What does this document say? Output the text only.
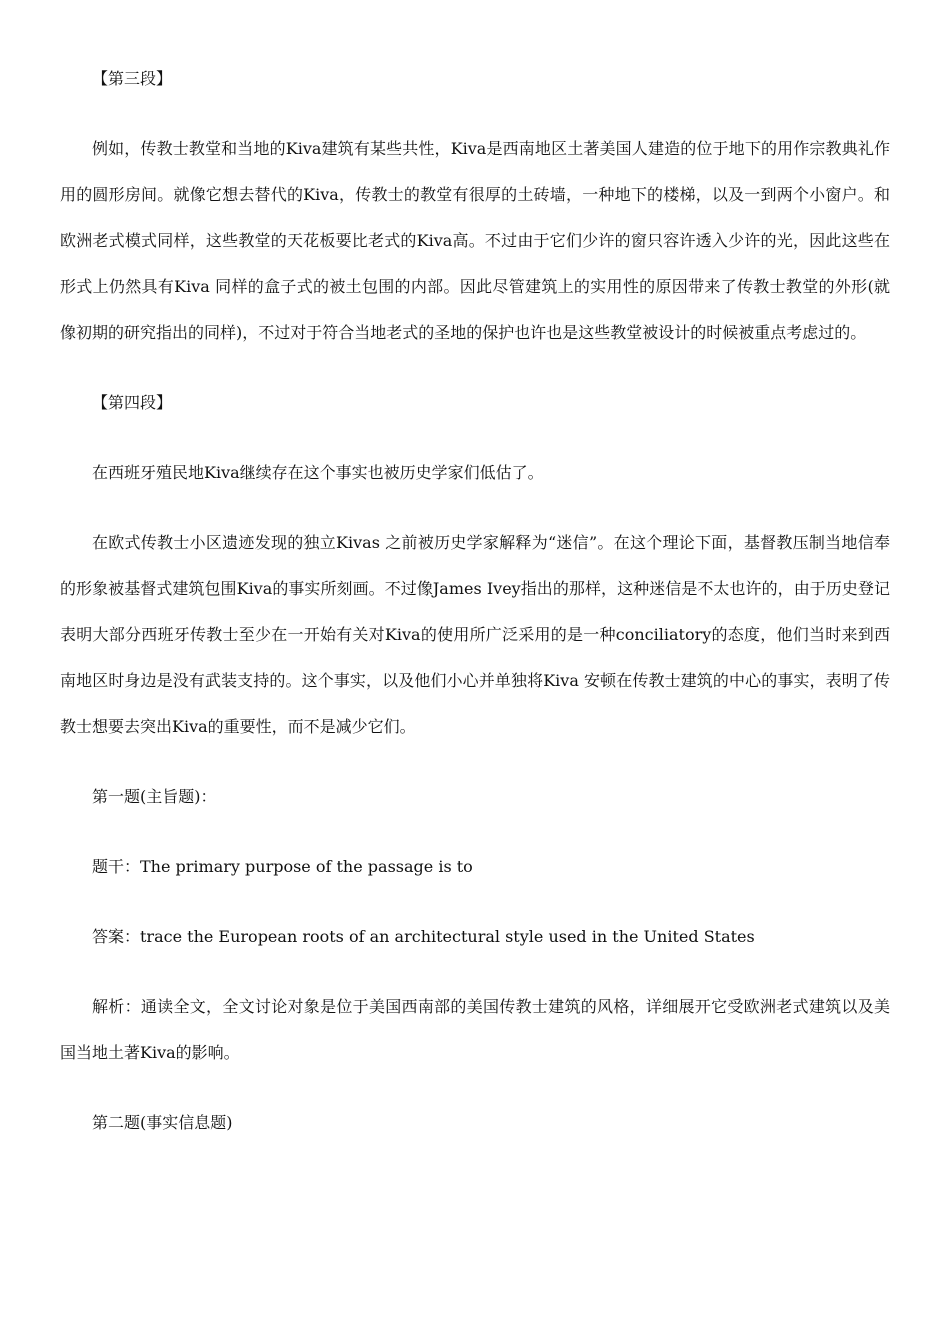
【第三段】

例如，传教士教堂和当地的Kiva建筑有某些共性，Kiva是西南地区土著美国人建造的位于地下的用作宗教典礼作用的圆形房间。就像它想去替代的Kiva，传教士的教堂有很厚的土砖墙，一种地下的楼梯，以及一到两个小窗户。和欧洲老式模式同样，这些教堂的天花板要比老式的Kiva高。不过由于它们少许的窗只容许透入少许的光，因此这些在形式上仍然具有Kiva 同样的盒子式的被土包围的内部。因此尽管建筑上的实用性的原因带来了传教士教堂的外形(就像初期的研究指出的同样)，不过对于符合当地老式的圣地的保护也许也是这些教堂被设计的时候被重点考虑过的。

【第四段】

在西班牙殖民地Kiva继续存在这个事实也被历史学家们低估了。

在欧式传教士小区遗迹发现的独立Kivas 之前被历史学家解释为“迷信”。在这个理论下面，基督教压制当地信奉的形象被基督式建筑包围Kiva的事实所刻画。不过像James Ivey指出的那样，这种迷信是不太也许的，由于历史登记表明大部分西班牙传教士至少在一开始有关对Kiva的使用所广泛采用的是一种conciliatory的态度，他们当时来到西南地区时身边是没有武装支持的。这个事实，以及他们小心并单独将Kiva 安顿在传教士建筑的中心的事实，表明了传教士想要去突出Kiva的重要性，而不是减少它们。

第一题(主旨题)：

题干：The primary purpose of the passage is to

答案：trace the European roots of an architectural style used in the United States

解析：通读全文，全文讨论对象是位于美国西南部的美国传教士建筑的风格，详细展开它受欧洲老式建筑以及美国当地土著Kiva的影响。

第二题(事实信息题)
